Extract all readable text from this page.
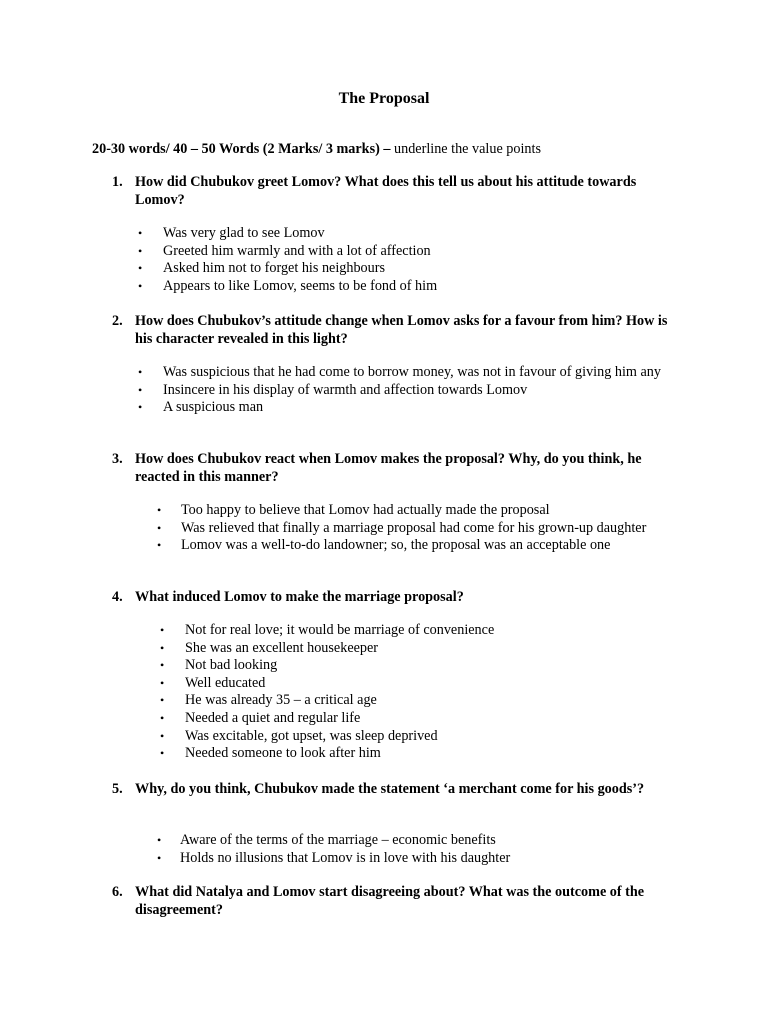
The Proposal
20-30 words/ 40 – 50 Words (2 Marks/ 3 marks) – underline the value points
1. How did Chubukov greet Lomov? What does this tell us about his attitude towards Lomov?
• Was very glad to see Lomov
• Greeted him warmly and with a lot of affection
• Asked him not to forget his neighbours
• Appears to like Lomov, seems to be fond of him
2. How does Chubukov’s attitude change when Lomov asks for a favour from him? How is his character revealed in this light?
• Was suspicious that he had come to borrow money, was not in favour of giving him any
• Insincere in his display of warmth and affection towards Lomov
• A suspicious man
3. How does Chubukov react when Lomov makes the proposal? Why, do you think, he reacted in this manner?
• Too happy to believe that Lomov had actually made the proposal
• Was relieved that finally a marriage proposal had come for his grown-up daughter
• Lomov was a well-to-do landowner; so, the proposal was an acceptable one
4. What induced Lomov to make the marriage proposal?
• Not for real love; it would be marriage of convenience
• She was an excellent housekeeper
• Not bad looking
• Well educated
• He was already 35 – a critical age
• Needed a quiet and regular life
• Was excitable, got upset, was sleep deprived
• Needed someone to look after him
5. Why, do you think, Chubukov made the statement ‘a merchant come for his goods’?
• Aware of the terms of the marriage – economic benefits
• Holds no illusions that Lomov is in love with his daughter
6. What did Natalya and Lomov start disagreeing about? What was the outcome of the disagreement?
